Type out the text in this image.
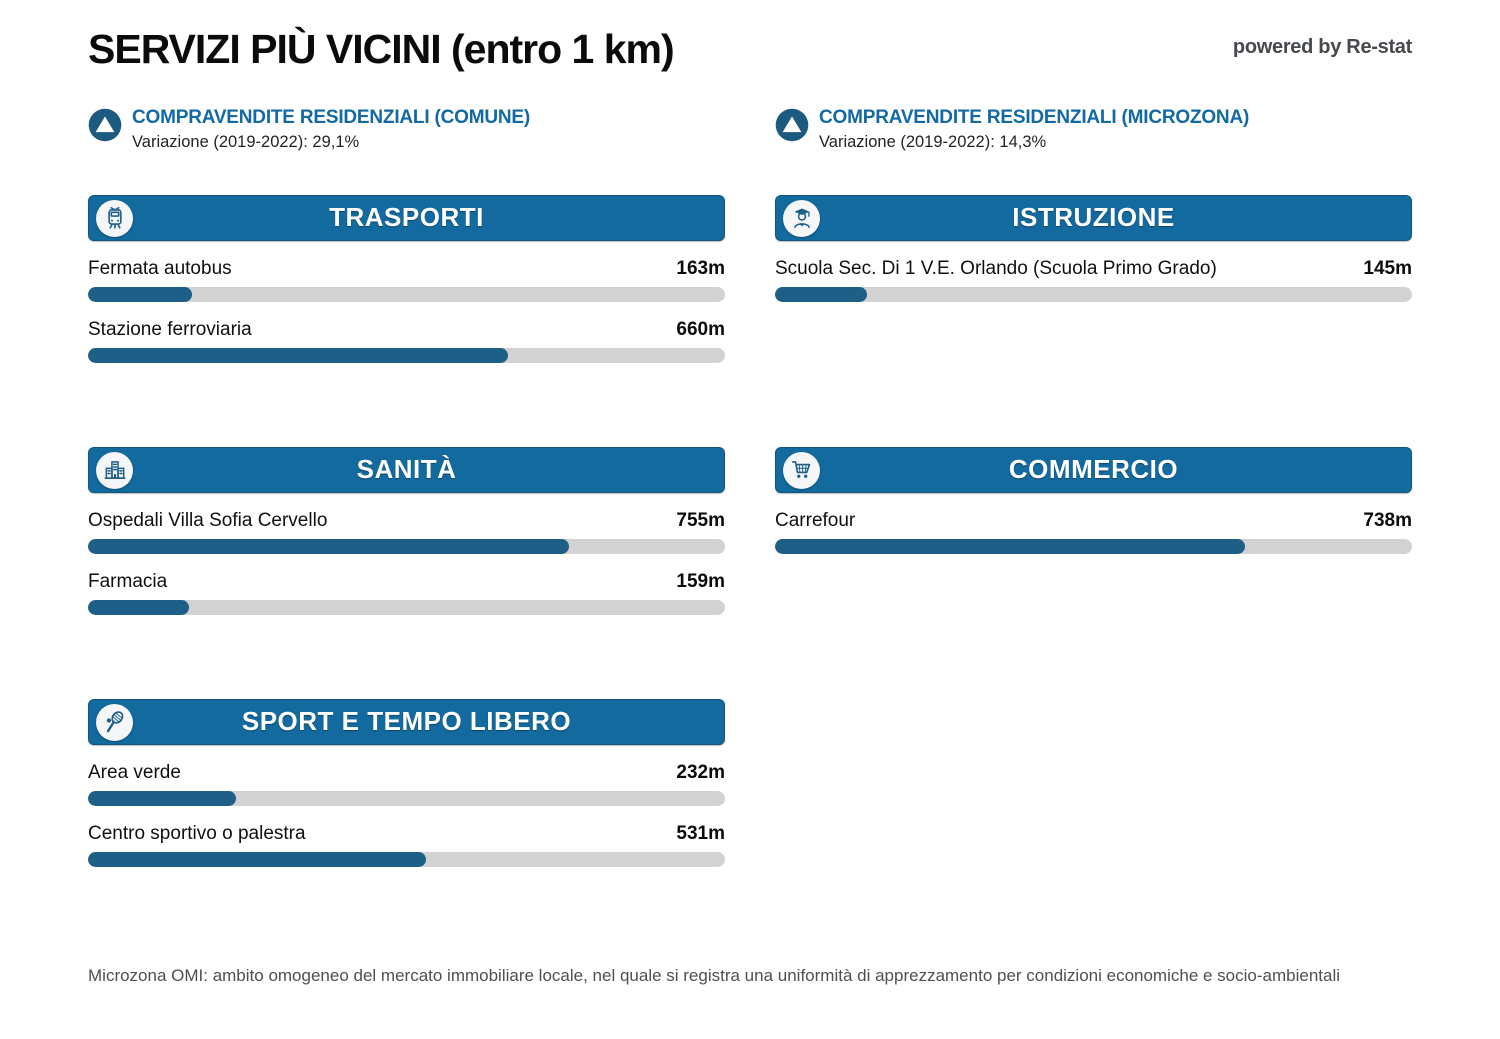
SERVIZI PIÙ VICINI (entro 1 km)	powered by Re-stat
COMPRAVENDITE RESIDENZIALI (COMUNE)
Variazione (2019-2022): 29,1%
COMPRAVENDITE RESIDENZIALI (MICROZONA)
Variazione (2019-2022): 14,3%
TRASPORTI
Fermata autobus	163m
Stazione ferroviaria	660m
SANITÀ
Ospedali Villa Sofia Cervello	755m
Farmacia	159m
SPORT E TEMPO LIBERO
Area verde	232m
Centro sportivo o palestra	531m
ISTRUZIONE
Scuola Sec. Di 1 V.E. Orlando (Scuola Primo Grado)	145m
COMMERCIO
Carrefour	738m

Microzona OMI: ambito omogeneo del mercato immobiliare locale, nel quale si registra una uniformità di apprezzamento per condizioni economiche e socio-ambientali
